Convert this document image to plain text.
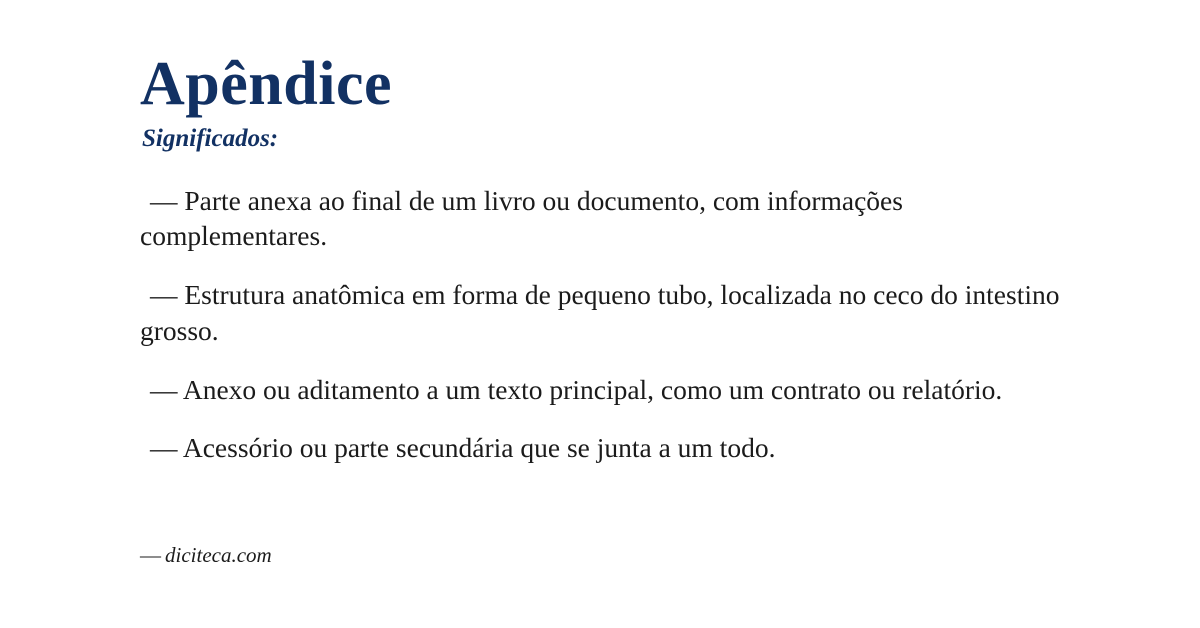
Apêndice
Significados:

— Parte anexa ao final de um livro ou documento, com informações complementares.

— Estrutura anatômica em forma de pequeno tubo, localizada no ceco do intestino grosso.

— Anexo ou aditamento a um texto principal, como um contrato ou relatório.

— Acessório ou parte secundária que se junta a um todo.

— diciteca.com
